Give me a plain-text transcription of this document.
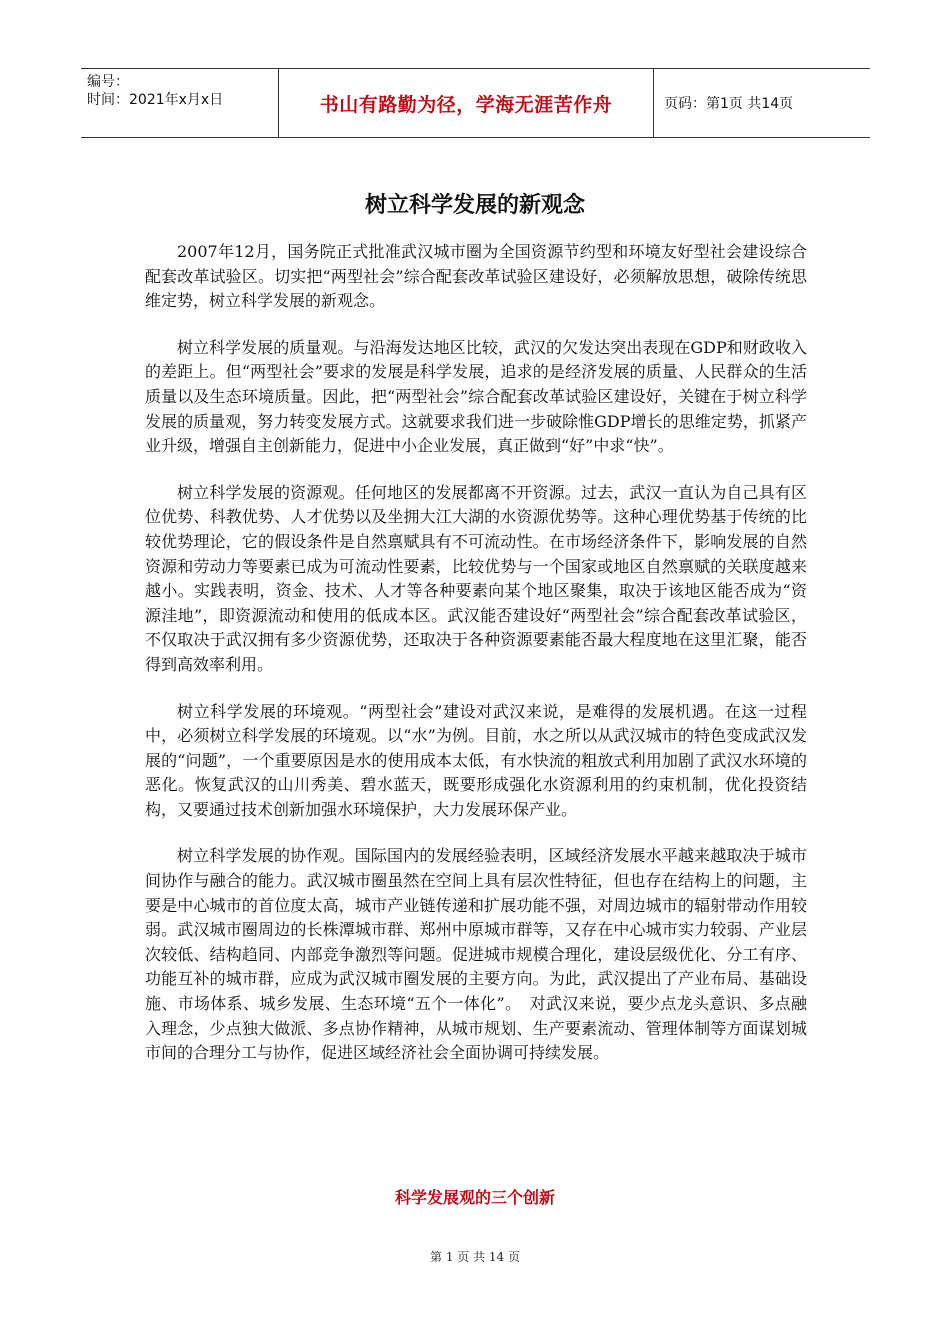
编号：
时间：2021年x月x日	书山有路勤为径，学海无涯苦作舟	页码：第1页 共14页
树立科学发展的新观念

2007年12月，国务院正式批准武汉城市圈为全国资源节约型和环境友好型社会建设综合配套改革试验区。切实把“两型社会”综合配套改革试验区建设好，必须解放思想，破除传统思维定势，树立科学发展的新观念。

树立科学发展的质量观。与沿海发达地区比较，武汉的欠发达突出表现在GDP和财政收入的差距上。但“两型社会”要求的发展是科学发展，追求的是经济发展的质量、人民群众的生活质量以及生态环境质量。因此，把“两型社会”综合配套改革试验区建设好，关键在于树立科学发展的质量观，努力转变发展方式。这就要求我们进一步破除惟GDP增长的思维定势，抓紧产业升级，增强自主创新能力，促进中小企业发展，真正做到“好”中求“快”。

树立科学发展的资源观。任何地区的发展都离不开资源。过去，武汉一直认为自己具有区位优势、科教优势、人才优势以及坐拥大江大湖的水资源优势等。这种心理优势基于传统的比较优势理论，它的假设条件是自然禀赋具有不可流动性。在市场经济条件下，影响发展的自然资源和劳动力等要素已成为可流动性要素，比较优势与一个国家或地区自然禀赋的关联度越来越小。实践表明，资金、技术、人才等各种要素向某个地区聚集，取决于该地区能否成为“资源洼地”，即资源流动和使用的低成本区。武汉能否建设好“两型社会”综合配套改革试验区，不仅取决于武汉拥有多少资源优势，还取决于各种资源要素能否最大程度地在这里汇聚，能否得到高效率利用。

树立科学发展的环境观。“两型社会”建设对武汉来说，是难得的发展机遇。在这一过程中，必须树立科学发展的环境观。以“水”为例。目前，水之所以从武汉城市的特色变成武汉发展的“问题”，一个重要原因是水的使用成本太低，有水快流的粗放式利用加剧了武汉水环境的恶化。恢复武汉的山川秀美、碧水蓝天，既要形成强化水资源利用的约束机制，优化投资结构，又要通过技术创新加强水环境保护，大力发展环保产业。

树立科学发展的协作观。国际国内的发展经验表明，区域经济发展水平越来越取决于城市间协作与融合的能力。武汉城市圈虽然在空间上具有层次性特征，但也存在结构上的问题，主要是中心城市的首位度太高，城市产业链传递和扩展功能不强，对周边城市的辐射带动作用较弱。武汉城市圈周边的长株潭城市群、郑州中原城市群等，又存在中心城市实力较弱、产业层次较低、结构趋同、内部竞争激烈等问题。促进城市规模合理化，建设层级优化、分工有序、功能互补的城市群，应成为武汉城市圈发展的主要方向。为此，武汉提出了产业布局、基础设施、市场体系、城乡发展、生态环境“五个一体化”。　对武汉来说，要少点龙头意识、多点融入理念，少点独大做派、多点协作精神，从城市规划、生产要素流动、管理体制等方面谋划城市间的合理分工与协作，促进区域经济社会全面协调可持续发展。

科学发展观的三个创新
第 1 页 共 14 页
